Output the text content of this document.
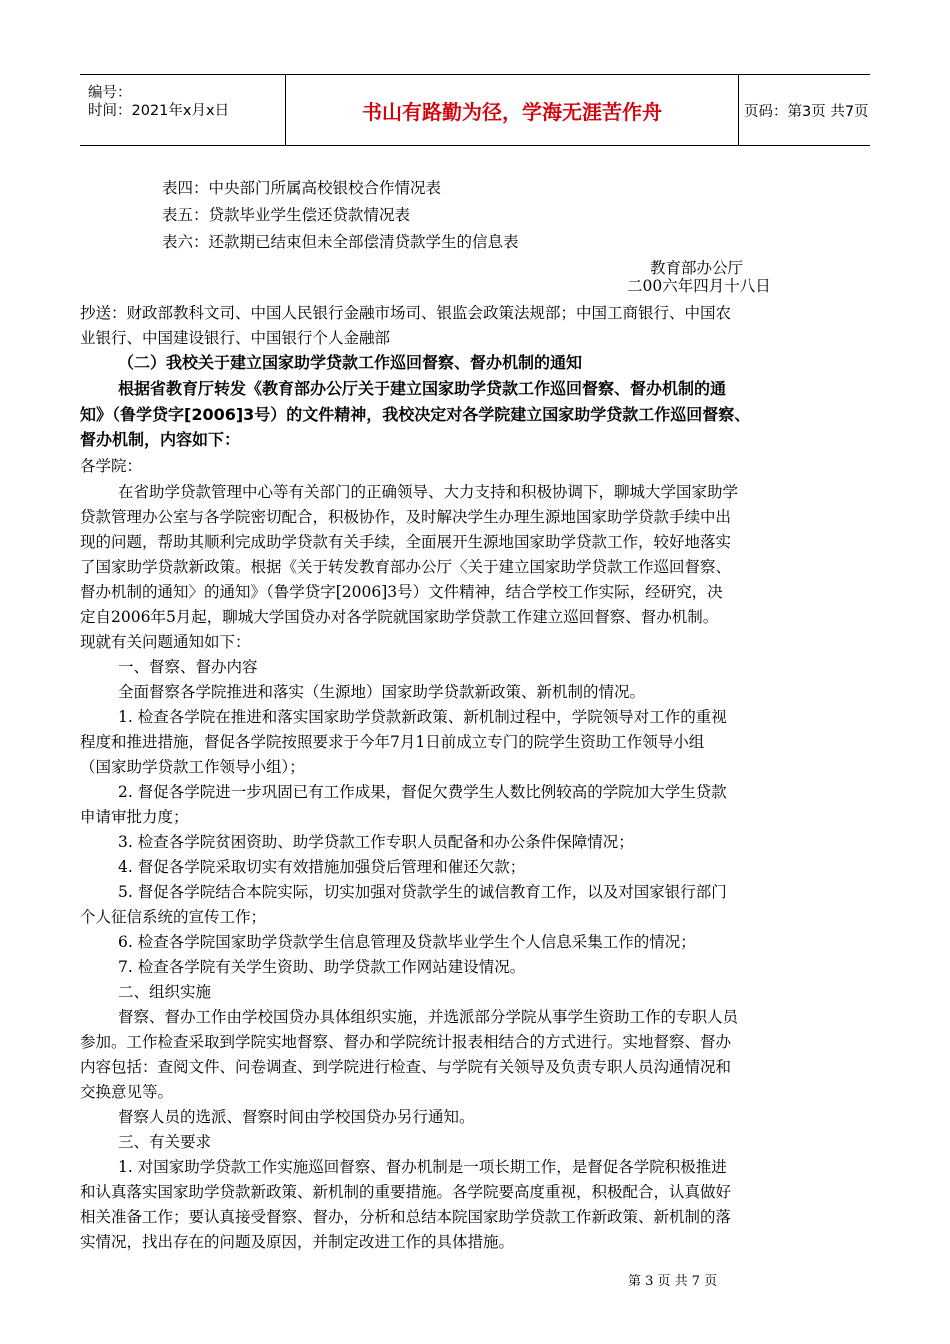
编号：
时间：2021年x月x日	书山有路勤为径，学海无涯苦作舟	页码：第3页 共7页
表四：中央部门所属高校银校合作情况表
表五：贷款毕业学生偿还贷款情况表
表六：还款期已结束但未全部偿清贷款学生的信息表
教育部办公厅
二00六年四月十八日
抄送：财政部教科文司、中国人民银行金融市场司、银监会政策法规部；中国工商银行、中国农
业银行、中国建设银行、中国银行个人金融部
（二）我校关于建立国家助学贷款工作巡回督察、督办机制的通知
根据省教育厅转发《教育部办公厅关于建立国家助学贷款工作巡回督察、督办机制的通
知》（鲁学贷字[2006]3号）的文件精神，我校决定对各学院建立国家助学贷款工作巡回督察、
督办机制，内容如下：
各学院：
在省助学贷款管理中心等有关部门的正确领导、大力支持和积极协调下，聊城大学国家助学
贷款管理办公室与各学院密切配合，积极协作，及时解决学生办理生源地国家助学贷款手续中出
现的问题，帮助其顺利完成助学贷款有关手续，全面展开生源地国家助学贷款工作，较好地落实
了国家助学贷款新政策。根据《关于转发教育部办公厅〈关于建立国家助学贷款工作巡回督察、
督办机制的通知〉的通知》（鲁学贷字[2006]3号）文件精神，结合学校工作实际，经研究，决
定自2006年5月起，聊城大学国贷办对各学院就国家助学贷款工作建立巡回督察、督办机制。
现就有关问题通知如下：
一、督察、督办内容
全面督察各学院推进和落实（生源地）国家助学贷款新政策、新机制的情况。
1. 检查各学院在推进和落实国家助学贷款新政策、新机制过程中，学院领导对工作的重视
程度和推进措施，督促各学院按照要求于今年7月1日前成立专门的院学生资助工作领导小组
（国家助学贷款工作领导小组）；
2. 督促各学院进一步巩固已有工作成果，督促欠费学生人数比例较高的学院加大学生贷款
申请审批力度；
3. 检查各学院贫困资助、助学贷款工作专职人员配备和办公条件保障情况；
4. 督促各学院采取切实有效措施加强贷后管理和催还欠款；
5. 督促各学院结合本院实际，切实加强对贷款学生的诚信教育工作，以及对国家银行部门
个人征信系统的宣传工作；
6. 检查各学院国家助学贷款学生信息管理及贷款毕业学生个人信息采集工作的情况；
7. 检查各学院有关学生资助、助学贷款工作网站建设情况。
二、组织实施
督察、督办工作由学校国贷办具体组织实施，并选派部分学院从事学生资助工作的专职人员
参加。工作检查采取到学院实地督察、督办和学院统计报表相结合的方式进行。实地督察、督办
内容包括：查阅文件、问卷调查、到学院进行检查、与学院有关领导及负责专职人员沟通情况和
交换意见等。
督察人员的选派、督察时间由学校国贷办另行通知。
三、有关要求
1. 对国家助学贷款工作实施巡回督察、督办机制是一项长期工作，是督促各学院积极推进
和认真落实国家助学贷款新政策、新机制的重要措施。各学院要高度重视，积极配合，认真做好
相关准备工作；要认真接受督察、督办，分析和总结本院国家助学贷款工作新政策、新机制的落
实情况，找出存在的问题及原因，并制定改进工作的具体措施。
第 3 页 共 7 页
